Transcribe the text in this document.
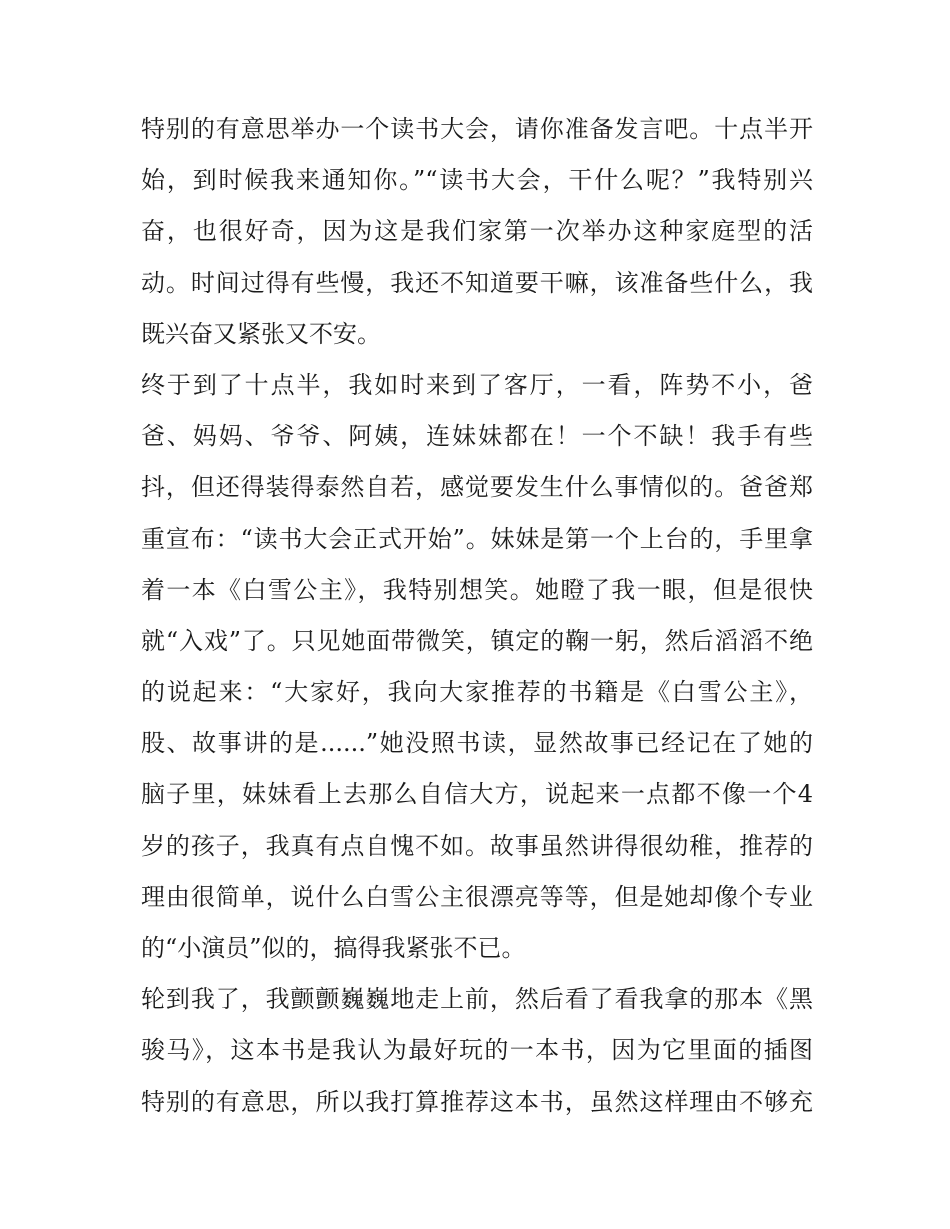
特别的有意思举办一个读书大会，请你准备发言吧。十点半开
始，到时候我来通知你。”“读书大会，干什么呢？”我特别兴
奋，也很好奇，因为这是我们家第一次举办这种家庭型的活
动。时间过得有些慢，我还不知道要干嘛，该准备些什么，我
既兴奋又紧张又不安。
终于到了十点半，我如时来到了客厅，一看，阵势不小，爸
爸、妈妈、爷爷、阿姨，连妹妹都在！一个不缺！我手有些
抖，但还得装得泰然自若，感觉要发生什么事情似的。爸爸郑
重宣布：“读书大会正式开始”。妹妹是第一个上台的，手里拿
着一本《白雪公主》，我特别想笑。她瞪了我一眼，但是很快
就“入戏”了。只见她面带微笑，镇定的鞠一躬，然后滔滔不绝
的说起来：“大家好，我向大家推荐的书籍是《白雪公主》，
股、故事讲的是......”她没照书读，显然故事已经记在了她的
脑子里，妹妹看上去那么自信大方，说起来一点都不像一个4
岁的孩子，我真有点自愧不如。故事虽然讲得很幼稚，推荐的
理由很简单，说什么白雪公主很漂亮等等，但是她却像个专业
的“小演员”似的，搞得我紧张不已。
轮到我了，我颤颤巍巍地走上前，然后看了看我拿的那本《黑
骏马》，这本书是我认为最好玩的一本书，因为它里面的插图
特别的有意思，所以我打算推荐这本书，虽然这样理由不够充
